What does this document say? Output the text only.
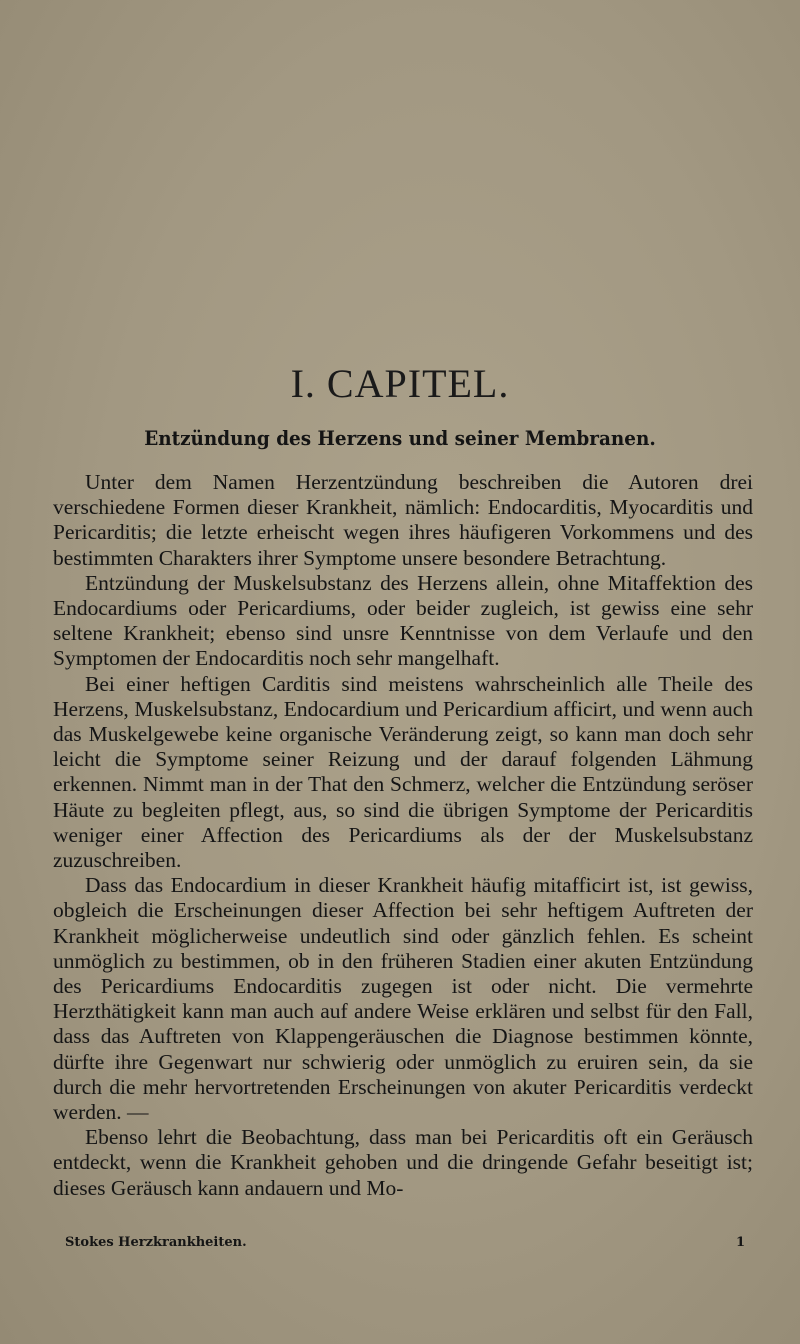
I. CAPITEL.
Entzündung des Herzens und seiner Membranen.

Unter dem Namen Herzentzündung beschreiben die Autoren drei verschiedene Formen dieser Krankheit, nämlich: Endocarditis, Myocarditis und Pericarditis; die letzte erheischt wegen ihres häufigeren Vorkommens und des bestimmten Charakters ihrer Symptome unsere besondere Betrachtung.

Entzündung der Muskelsubstanz des Herzens allein, ohne Mitaffektion des Endocardiums oder Pericardiums, oder beider zugleich, ist gewiss eine sehr seltene Krankheit; ebenso sind unsre Kenntnisse von dem Verlaufe und den Symptomen der Endocarditis noch sehr mangelhaft.

Bei einer heftigen Carditis sind meistens wahrscheinlich alle Theile des Herzens, Muskelsubstanz, Endocardium und Pericardium afficirt, und wenn auch das Muskelgewebe keine organische Veränderung zeigt, so kann man doch sehr leicht die Symptome seiner Reizung und der darauf folgenden Lähmung erkennen. Nimmt man in der That den Schmerz, welcher die Entzündung seröser Häute zu begleiten pflegt, aus, so sind die übrigen Symptome der Pericarditis weniger einer Affection des Pericardiums als der der Muskelsubstanz zuzuschreiben.

Dass das Endocardium in dieser Krankheit häufig mitafficirt ist, ist gewiss, obgleich die Erscheinungen dieser Affection bei sehr heftigem Auftreten der Krankheit möglicherweise undeutlich sind oder gänzlich fehlen. Es scheint unmöglich zu bestimmen, ob in den früheren Stadien einer akuten Entzündung des Pericardiums Endocarditis zugegen ist oder nicht. Die vermehrte Herzthätigkeit kann man auch auf andere Weise erklären und selbst für den Fall, dass das Auftreten von Klappengeräuschen die Diagnose bestimmen könnte, dürfte ihre Gegenwart nur schwierig oder unmöglich zu eruiren sein, da sie durch die mehr hervortretenden Erscheinungen von akuter Pericarditis verdeckt werden. —

Ebenso lehrt die Beobachtung, dass man bei Pericarditis oft ein Geräusch entdeckt, wenn die Krankheit gehoben und die dringende Gefahr beseitigt ist; dieses Geräusch kann andauern und Mo-

Stokes Herzkrankheiten.	1
